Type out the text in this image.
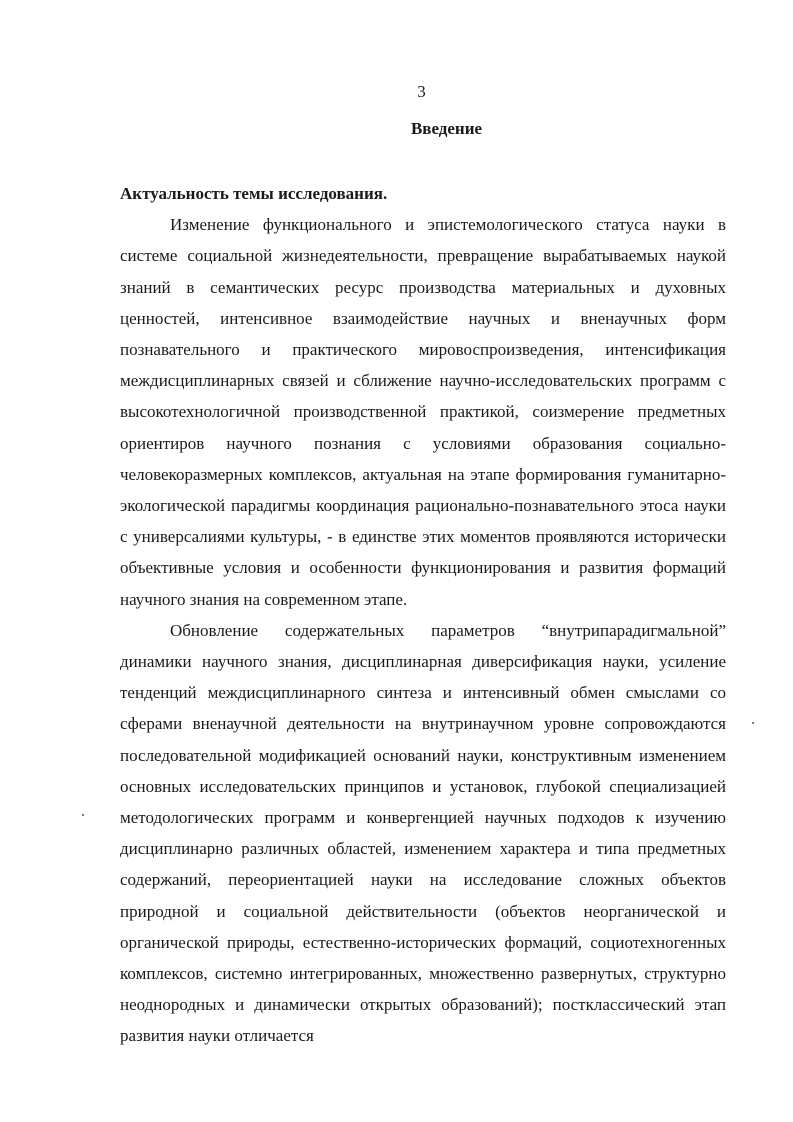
3
Введение

Актуальность темы исследования.

Изменение функционального и эпистемологического статуса науки в системе социальной жизнедеятельности, превращение вырабатываемых наукой знаний в семантических ресурс производства материальных и духовных ценностей, интенсивное взаимодействие научных и вненаучных форм познавательного и практического мировоспроизведения, интенсификация междисциплинарных связей и сближение научно-исследовательских программ с высокотехнологичной производственной практикой, соизмерение предметных ориентиров научного познания с условиями образования социально-человекоразмерных комплексов, актуальная на этапе формирования гуманитарно-экологической парадигмы координация рационально-познавательного этоса науки с универсалиями культуры, - в единстве этих моментов проявляются исторически объективные условия и особенности функционирования и развития формаций научного знания на современном этапе.

Обновление содержательных параметров “внутрипарадигмальной” динамики научного знания, дисциплинарная диверсификация науки, усиление тенденций междисциплинарного синтеза и интенсивный обмен смыслами со сферами вненаучной деятельности на внутринаучном уровне сопровождаются последовательной модификацией оснований науки, конструктивным изменением основных исследовательских принципов и установок, глубокой специализацией методологических программ и конвергенцией научных подходов к изучению дисциплинарно различных областей, изменением характера и типа предметных содержаний, переориентацией науки на исследование сложных объектов природной и социальной действительности (объектов неорганической и органической природы, естественно-исторических формаций, социотехногенных комплексов, системно интегрированных, множественно развернутых, структурно неоднородных и динамически открытых образований); постклассический этап развития науки отличается
